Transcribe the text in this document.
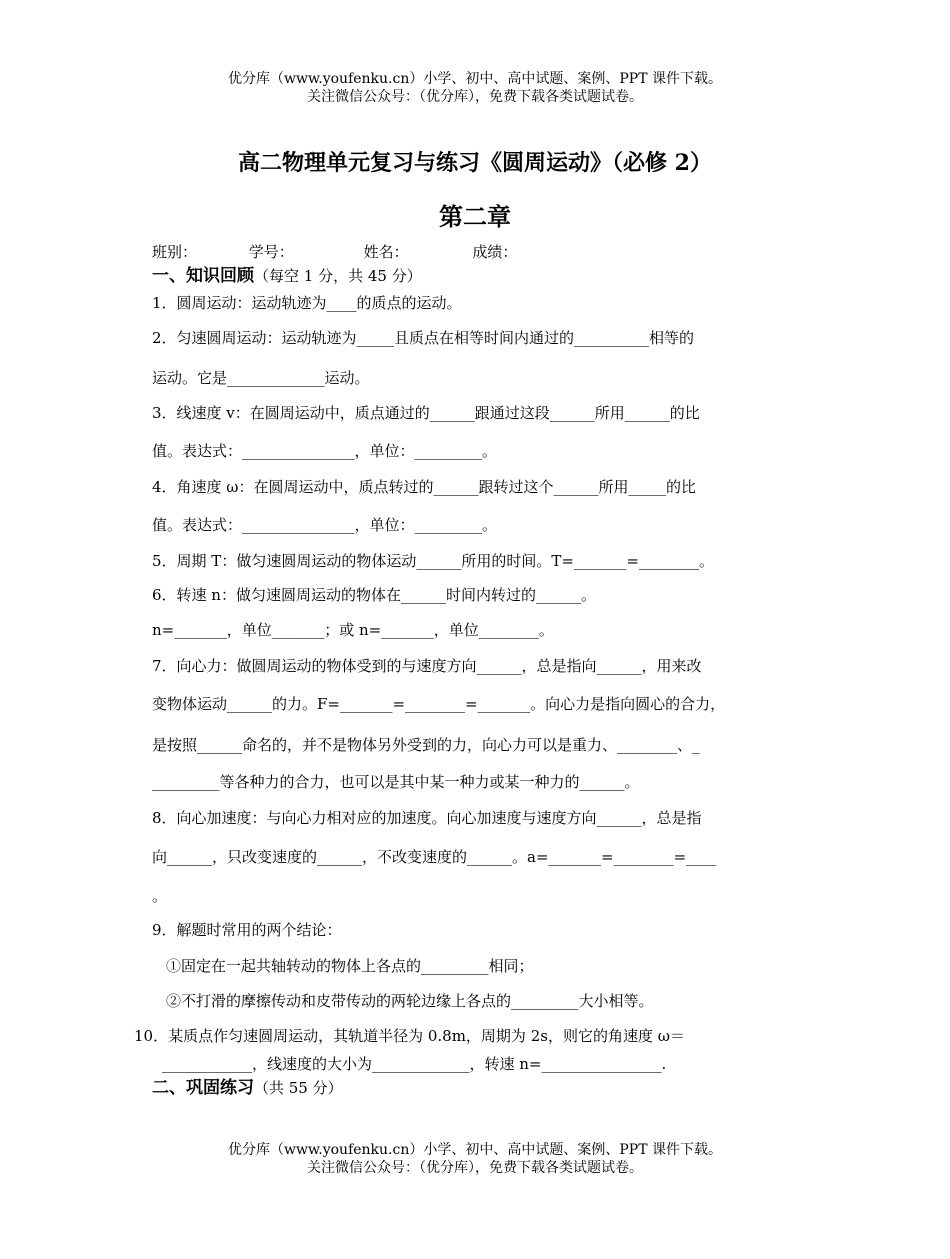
优分库（www.youfenku.cn）小学、初中、高中试题、案例、PPT 课件下载。
关注微信公众号：（优分库），免费下载各类试题试卷。
高二物理单元复习与练习《圆周运动》（必修 2）
第二章
班别：	学号：	姓名：	成绩：
一、知识回顾（每空 1 分，共 45 分）
1．圆周运动：运动轨迹为____的质点的运动。
2．匀速圆周运动：运动轨迹为_____且质点在相等时间内通过的__________相等的
运动。它是_____________运动。
3．线速度 v：在圆周运动中，质点通过的______跟通过这段______所用______的比
值。表达式：_______________，单位：_________。
4．角速度 ω：在圆周运动中，质点转过的______跟转过这个______所用_____的比
值。表达式：_______________，单位：_________。
5．周期 T：做匀速圆周运动的物体运动______所用的时间。T=_______=________。
6．转速 n：做匀速圆周运动的物体在______时间内转过的______。
n=_______，单位_______；或 n=_______，单位________。
7．向心力：做圆周运动的物体受到的与速度方向______，总是指向______，用来改
变物体运动______的力。F=_______=________=_______。向心力是指向圆心的合力，
是按照______命名的，并不是物体另外受到的力，向心力可以是重力、________、_
_________等各种力的合力，也可以是其中某一种力或某一种力的______。
8．向心加速度：与向心力相对应的加速度。向心加速度与速度方向______，总是指
向______，只改变速度的______，不改变速度的______。a=_______=________=____
。
9．解题时常用的两个结论：
①固定在一起共轴转动的物体上各点的_________相同；
②不打滑的摩擦传动和皮带传动的两轮边缘上各点的_________大小相等。
10．某质点作匀速圆周运动，其轨道半径为 0.8m，周期为 2s，则它的角速度 ω＝
____________，线速度的大小为_____________，转速 n=________________.
二、巩固练习（共 55 分）
优分库（www.youfenku.cn）小学、初中、高中试题、案例、PPT 课件下载。
关注微信公众号：（优分库），免费下载各类试题试卷。
